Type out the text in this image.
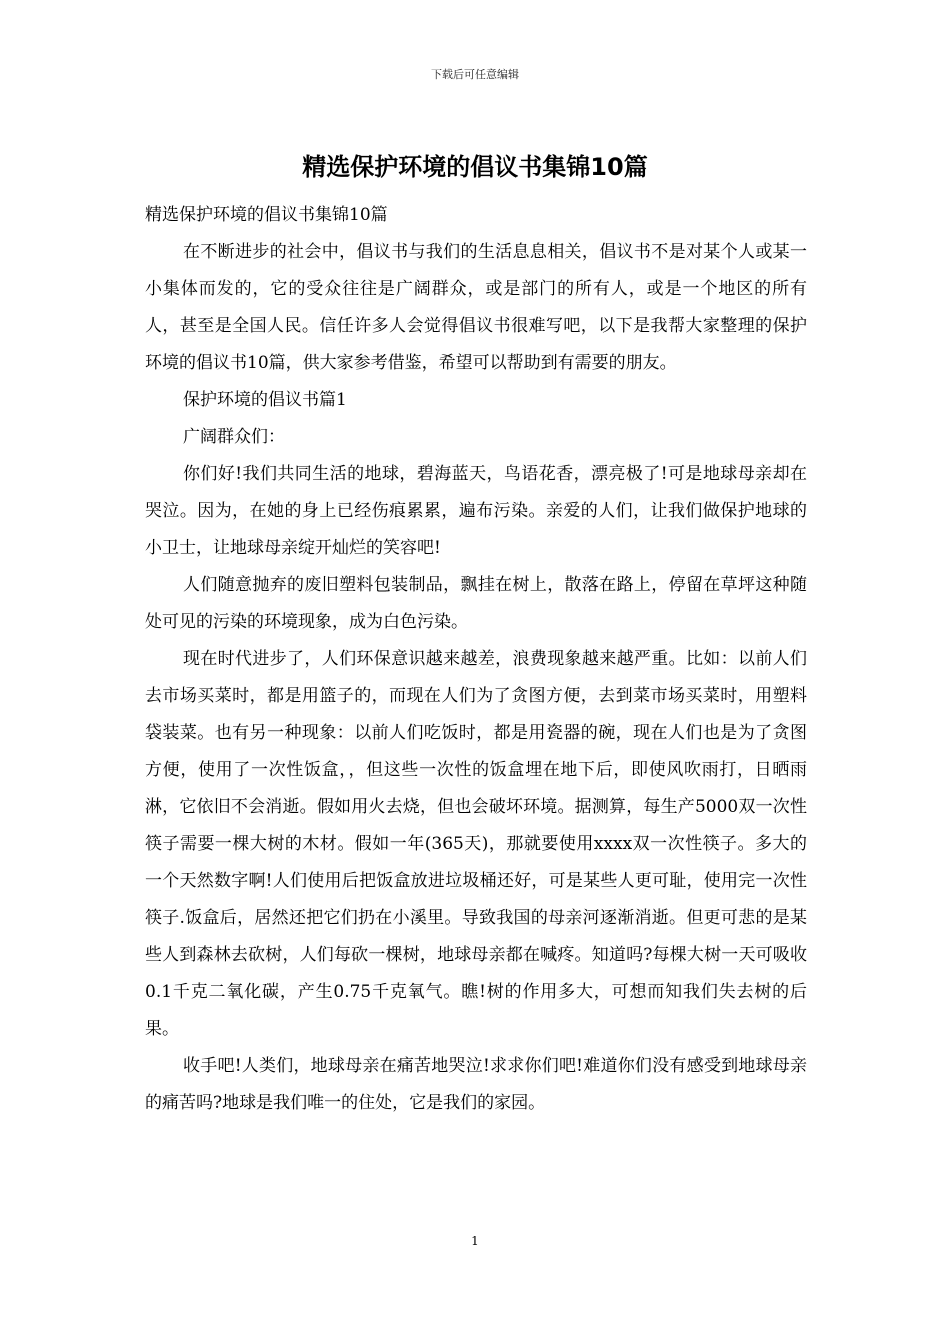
下载后可任意编辑
精选保护环境的倡议书集锦10篇

精选保护环境的倡议书集锦10篇

在不断进步的社会中，倡议书与我们的生活息息相关，倡议书不是对某个人或某一小集体而发的，它的受众往往是广阔群众，或是部门的所有人，或是一个地区的所有人，甚至是全国人民。信任许多人会觉得倡议书很难写吧，以下是我帮大家整理的保护环境的倡议书10篇，供大家参考借鉴，希望可以帮助到有需要的朋友。

保护环境的倡议书篇1

广阔群众们：

你们好!我们共同生活的地球，碧海蓝天，鸟语花香，漂亮极了!可是地球母亲却在哭泣。因为，在她的身上已经伤痕累累，遍布污染。亲爱的人们，让我们做保护地球的小卫士，让地球母亲绽开灿烂的笑容吧!

人们随意抛弃的废旧塑料包装制品，飘挂在树上，散落在路上，停留在草坪这种随处可见的污染的环境现象，成为白色污染。

现在时代进步了，人们环保意识越来越差，浪费现象越来越严重。比如：以前人们去市场买菜时，都是用篮子的，而现在人们为了贪图方便，去到菜市场买菜时，用塑料袋装菜。也有另一种现象：以前人们吃饭时，都是用瓷器的碗，现在人们也是为了贪图方便，使用了一次性饭盒，，但这些一次性的饭盒埋在地下后，即使风吹雨打，日晒雨淋，它依旧不会消逝。假如用火去烧，但也会破坏环境。据测算，每生产5000双一次性筷子需要一棵大树的木材。假如一年(365天)，那就要使用xxxx双一次性筷子。多大的一个天然数字啊!人们使用后把饭盒放进垃圾桶还好，可是某些人更可耻，使用完一次性筷子.饭盒后，居然还把它们扔在小溪里。导致我国的母亲河逐渐消逝。但更可悲的是某些人到森林去砍树，人们每砍一棵树，地球母亲都在喊疼。知道吗?每棵大树一天可吸收0.1千克二氧化碳，产生0.75千克氧气。瞧!树的作用多大，可想而知我们失去树的后果。

收手吧!人类们，地球母亲在痛苦地哭泣!求求你们吧!难道你们没有感受到地球母亲的痛苦吗?地球是我们唯一的住处，它是我们的家园。

1
